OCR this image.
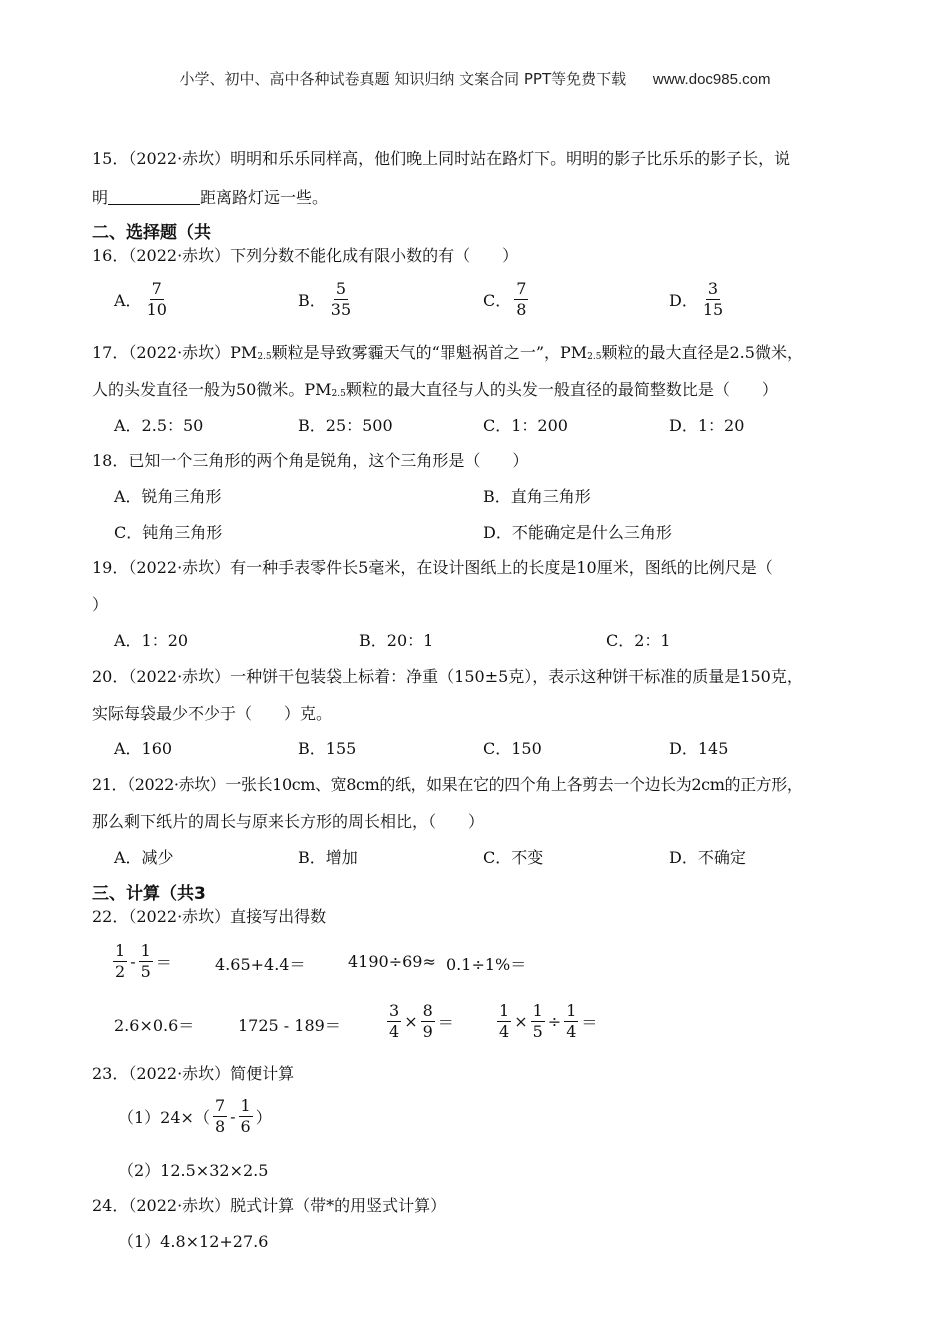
小学、初中、高中各种试卷真题 知识归纳 文案合同 PPT等免费下载 www.doc985.com
15．（2022·赤坎）明明和乐乐同样高，他们晚上同时站在路灯下。明明的影子比乐乐的影子长，说
明	距离路灯远一些。
二、选择题（共
16．（2022·赤坎）下列分数不能化成有限小数的有（　　）
A． $\frac{7}{10}$	B． $\frac{5}{35}$	C． $\frac{7}{8}$	D． $\frac{3}{15}$
17．（2022·赤坎）$PM_{2.5}$颗粒是导致雾霾天气的“罪魁祸首之一”，$PM_{2.5}$颗粒的最大直径是2.5微米，
人的头发直径一般为50微米。$PM_{2.5}$颗粒的最大直径与人的头发一般直径的最简整数比是（　　）
A．2.5：50	B．25：500	C．1：200	D．1：20
18．已知一个三角形的两个角是锐角，这个三角形是（　　）
A．锐角三角形	B．直角三角形
C．钝角三角形	D．不能确定是什么三角形
19．（2022·赤坎）有一种手表零件长5毫米，在设计图纸上的长度是10厘米，图纸的比例尺是（
）
A．1：20	B．20：1	C．2：1
20．（2022·赤坎）一种饼干包装袋上标着：净重（150±5克），表示这种饼干标准的质量是150克，
实际每袋最少不少于（　　）克。
A．160	B．155	C．150	D．145
21．（2022·赤坎）一张长10cm、宽8cm的纸，如果在它的四个角上各剪去一个边长为2cm的正方形，
那么剩下纸片的周长与原来长方形的周长相比，（　　）
A．减少	B．增加	C．不变	D．不确定
三、计算（共3
22．（2022·赤坎）直接写出得数
$\frac{1}{2} - \frac{1}{5}$ ＝	4.65+4.4＝	4190÷69≈ 0.1÷1%＝
2.6×0.6＝	1725 - 189＝	$\frac{3}{4} \times \frac{8}{9}$ ＝	$\frac{1}{4} \times \frac{1}{5} \div \frac{1}{4}$ ＝
23．（2022·赤坎）简便计算
$(1)24\times( \frac{7}{8} - \frac{1}{6}$ ）
（2）12.5×32×2.5
24．（2022·赤坎）脱式计算（带*的用竖式计算）
（1）4.8×12+27.6
